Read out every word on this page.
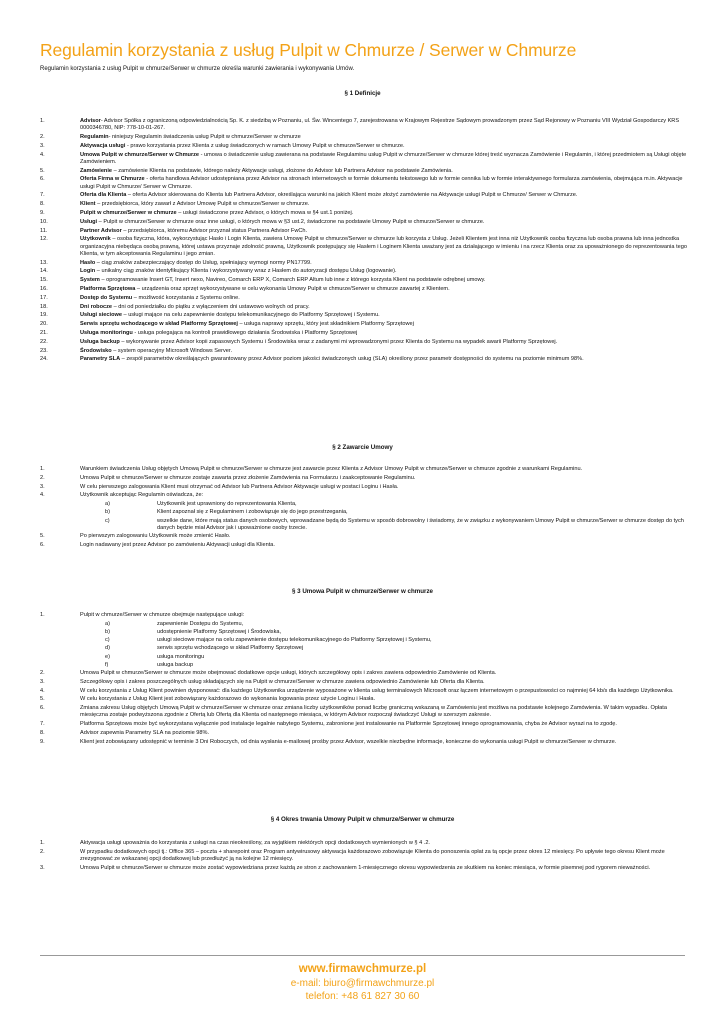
Regulamin korzystania z usług Pulpit w Chmurze / Serwer w Chmurze
Regulamin korzystania z usług Pulpit w chmurze/Serwer w chmurze określa warunki zawierania i wykonywania Umów.
§ 1 Definicje
1.	Advisor- Advisor Spółka z ograniczoną odpowiedzialnością Sp. K. z siedzibą w Poznaniu, ul. Św. Wincentego 7, zarejestrowana w Krajowym Rejestrze Sądowym prowadzonym przez Sąd Rejonowy w Poznaniu VIII Wydział Gospodarczy KRS 0000346780, NIP: 778-10-01-267.
2.	Regulamin- niniejszy Regulamin świadczenia usług Pulpit w chmurze/Serwer w chmurze
3.	Aktywacja usługi - prawo korzystania przez Klienta z usług świadczonych w ramach Umowy Pulpit w chmurze/Serwer w chmurze.
4.	Umowa Pulpit w chmurze/Serwer w Chmurze - umowa o świadczenie usług zawierana na podstawie Regulaminu usług Pulpit w chmurze/Serwer w chmurze której treść wyznacza Zamówienie i Regulamin, i której przedmiotem są Usługi objęte Zamówieniem.
5.	Zamówienie – zamówienie Klienta na podstawie, którego należy Aktywacje usługi, złożone do Advisor lub Partnera Advisor na podstawie Zamówienia.
6.	Oferta Firma w Chmurze - oferta handlowa Advisor udostępniana przez Advisor na stronach internetowych w formie dokumentu tekstowego lub w formie cennika lub w formie interaktywnego formularza zamówienia, obejmująca m.in. Aktywacje usługi Pulpit w Chmurze/ Serwer w Chmurze.
7.	Oferta dla Klienta – oferta Advisor skierowana do Klienta lub Partnera Advisor, określająca warunki na jakich Klient może złożyć zamówienie na Aktywacje usługi Pulpit w Chmurze/ Serwer w Chmurze.
8.	Klient – przedsiębiorca, który zawarł z Advisor Umowę Pulpit w chmurze/Serwer w chmurze.
9.	Pulpit w chmurze/Serwer w chmurze – usługi świadczone przez Advisor, o których mowa w §4 ust.1 poniżej.
10.	Usługi – Pulpit w chmurze/Serwer w chmurze oraz inne usługi, o których mowa w §3 ust.2, świadczone na podstawie Umowy Pulpit w chmurze/Serwer w chmurze.
11.	Partner Advisor – przedsiębiorca, któremu Advisor przyznał status Partnera Advisor FwCh.
12.	Użytkownik – osoba fizyczna, która, wykorzystując Hasło i Login Klienta, zawiera Umowę Pulpit w chmurze/Serwer w chmurze lub korzysta z Usług. Jeżeli Klientem jest inna niż Użytkownik osoba fizyczna lub osoba prawna lub inna jednostka organizacyjna niebędąca osobą prawną, której ustawa przyznaje zdolność prawną, Użytkownik postępujący się Hasłem i Loginem Klienta uważany jest za działającego w imieniu i na rzecz Klienta oraz za upoważnionego do reprezentowania tego Klienta, w tym akceptowania Regulaminu i jego zmian.
13.	Hasło – ciąg znaków zabezpieczający dostęp do Usług, spełniający wymogi normy PN17799.
14.	Login – unikalny ciąg znaków identyfikujący Klienta i wykorzystywany wraz z Hasłem do autoryzacji dostępu Usług (logowanie).
15.	System – oprogramowanie Insert GT, Insert nexo, Navireo, Comarch ERP X, Comarch ERP Altum lub inne z którego korzysta Klient na podstawie odrębnej umowy.
16.	Platforma Sprzętowa – urządzenia oraz sprzęt wykorzystywane w celu wykonania Umowy Pulpit w chmurze/Serwer w chmurze zawartej z Klientem.
17.	Dostęp do Systemu – możliwość korzystania z Systemu online.
18.	Dni robocze – dni od poniedziałku do piątku z wyłączeniem dni ustawowo wolnych od pracy.
19.	Usługi sieciowe – usługi mające na celu zapewnienie dostępu telekomunikacyjnego do Platformy Sprzętowej i Systemu.
20.	Serwis sprzętu wchodzącego w skład Platformy Sprzętowej – usługa naprawy sprzętu, który jest składnikiem Platformy Sprzętowej
21.	Usługa monitoringu - usługa polegająca na kontroli prawidłowego działania Środowiska i Platformy Sprzętowej
22.	Usługa backup – wykonywanie przez Advisor kopii zapasowych Systemu i Środowiska wraz z zadanymi mi wprowadzonymi przez Klienta do Systemu na wypadek awarii Platformy Sprzętowej.
23.	Środowisko – system operacyjny Microsoft Windows Server.
24.	Parametry SLA – zespół parametrów określających gwarantowany przez Advisor poziom jakości świadczonych usług (SLA) określony przez parametr dostępności do systemu na poziomie minimum 98%.
§ 2 Zawarcie Umowy
1.	Warunkiem świadczenia Usług objętych Umową Pulpit w chmurze/Serwer w chmurze jest zawarcie przez Klienta z Advisor Umowy Pulpit w chmurze/Serwer w chmurze zgodnie z warunkami Regulaminu.
2.	Umowa Pulpit w chmurze/Serwer w chmurze zostaje zawarta przez złożenie Zamówienia na Formularzu i zaakceptowanie Regulaminu.
3.	W celu pierwszego zalogowania Klient musi otrzymać od Advisor lub Partnera Advisor Aktywacje usługi w postaci Loginu i Hasła.
4.	Użytkownik akceptując Regulamin oświadcza, że:
a)	Użytkownik jest uprawniony do reprezentowania Klienta,
b)	Klient zapoznał się z Regulaminem i zobowiązuje się do jego przestrzegania,
c)	wszelkie dane, które mają status danych osobowych, wprowadzane będą do Systemu w sposób dobrowolny i świadomy, że w związku z wykonywaniem Umowy Pulpit w chmurze/Serwer w chmurze dostęp do tych danych będzie miał Advisor jak i upoważnione osoby trzecie.
5.	Po pierwszym zalogowaniu Użytkownik może zmienić Hasło.
6.	Login nadawany jest przez Advisor po zamówieniu Aktywacji usługi dla Klienta.
§ 3 Umowa Pulpit w chmurze/Serwer w chmurze
1.	Pulpit w chmurze/Serwer w chmurze obejmuje następujące usługi:
a)	zapewnienie Dostępu do Systemu,
b)	udostępnienie Platformy Sprzętowej i Środowiska,
c)	usługi sieciowe mające na celu zapewnienie dostępu telekomunikacyjnego do Platformy Sprzętowej i Systemu,
d)	serwis sprzętu wchodzącego w skład Platformy Sprzętowej
e)	usługa monitoringu
f)	usługa backup
2.	Umowa Pulpit w chmurze/Serwer w chmurze może obejmować dodatkowe opcje usługi, których szczegółowy opis i zakres zawiera odpowiednio Zamówienie od Klienta.
3.	Szczegółowy opis i zakres poszczególnych usług składających się na Pulpit w chmurze/Serwer w chmurze zawiera odpowiednio Zamówienie lub Oferta dla Klienta.
4.	W celu korzystania z Usług Klient powinien dysponować: dla każdego Użytkownika urządzenie wyposażone w klienta usług terminalowych Microsoft oraz łączem internetowym o przepustowości co najmniej 64 kb/s dla każdego Użytkownika.
5.	W celu korzystania z Usług Klient jest zobowiązany każdorazowo do wykonania logowania przez użycie Loginu i Hasła.
6.	Zmiana zakresu Usług objętych Umową Pulpit w chmurze/Serwer w chmurze oraz zmiana liczby użytkowników ponad liczbę graniczną wskazaną w Zamówieniu jest możliwa na podstawie kolejnego Zamówienia. W takim wypadku. Opłata miesięczna zostaje podwyższona zgodnie z Ofertą lub Ofertą dla Klienta od następnego miesiąca, w którym Advisor rozpoczął świadczyć Usługi w szerszym zakresie.
7.	Platforma Sprzętowa może być wykorzystana wyłącznie pod instalacje legalnie nabytego Systemu, zabronione jest instalowanie na Platformie Sprzętowej innego oprogramowania, chyba że Advisor wyrazi na to zgodę.
8.	Advisor zapewnia Parametry SLA na poziomie 98%.
9.	Klient jest zobowiązany udostępnić w terminie 3 Dni Roboczych, od dnia wysłania e-mailowej prośby przez Advisor, wszelkie niezbędne informacje, konieczne do wykonania usługi Pulpit w chmurze/Serwer w chmurze.
§ 4 Okres trwania Umowy Pulpit w chmurze/Serwer w chmurze
1.	Aktywacja usługi upoważnia do korzystania z usługi na czas nieokreślony, za wyjątkiem niektórych opcji dodatkowych wymienionych w § 4 .2.
2.	W przypadku dodatkowych opcji tj.: Office 365 – poczta + sharepoint oraz Program antywirusowy aktywacja każdorazowo zobowiązuje Klienta do ponoszenia opłat za tą opcje przez okres 12 miesięcy. Po upływie tego okresu Klient może zrezygnować ze wskazanej opcji dodatkowej lub przedłużyć ją na kolejne 12 miesięcy.
3.	Umowa Pulpit w chmurze/Serwer w chmurze może zostać wypowiedziana przez każdą ze stron z zachowaniem 1-miesięcznego okresu wypowiedzenia ze skutkiem na koniec miesiąca, w formie pisemnej pod rygorem nieważności.
www.firmawchmurze.pl
e-mail: biuro@firmawchmurze.pl
telefon: +48 61 827 30 60
